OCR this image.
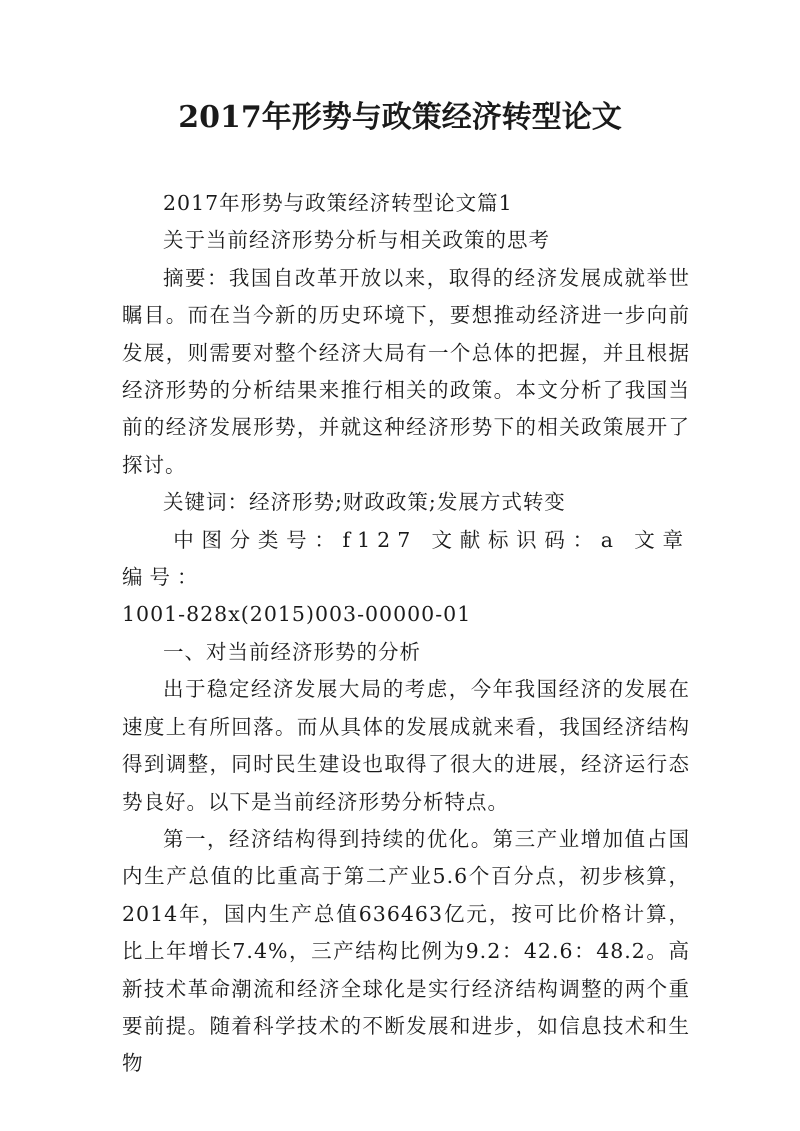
2017年形势与政策经济转型论文

2017年形势与政策经济转型论文篇1

关于当前经济形势分析与相关政策的思考

摘要：我国自改革开放以来，取得的经济发展成就举世瞩目。而在当今新的历史环境下，要想推动经济进一步向前发展，则需要对整个经济大局有一个总体的把握，并且根据经济形势的分析结果来推行相关的政策。本文分析了我国当前的经济发展形势，并就这种经济形势下的相关政策展开了探讨。

关键词：经济形势;财政政策;发展方式转变

中图分类号：f127 文献标识码：a 文章编号：

1001-828x(2015)003-00000-01

一、对当前经济形势的分析

出于稳定经济发展大局的考虑，今年我国经济的发展在速度上有所回落。而从具体的发展成就来看，我国经济结构得到调整，同时民生建设也取得了很大的进展，经济运行态势良好。以下是当前经济形势分析特点。

第一，经济结构得到持续的优化。第三产业增加值占国内生产总值的比重高于第二产业5.6个百分点，初步核算，2014年，国内生产总值636463亿元，按可比价格计算，比上年增长7.4%，三产结构比例为9.2：42.6：48.2。高新技术革命潮流和经济全球化是实行经济结构调整的两个重要前提。随着科学技术的不断发展和进步，如信息技术和生物
